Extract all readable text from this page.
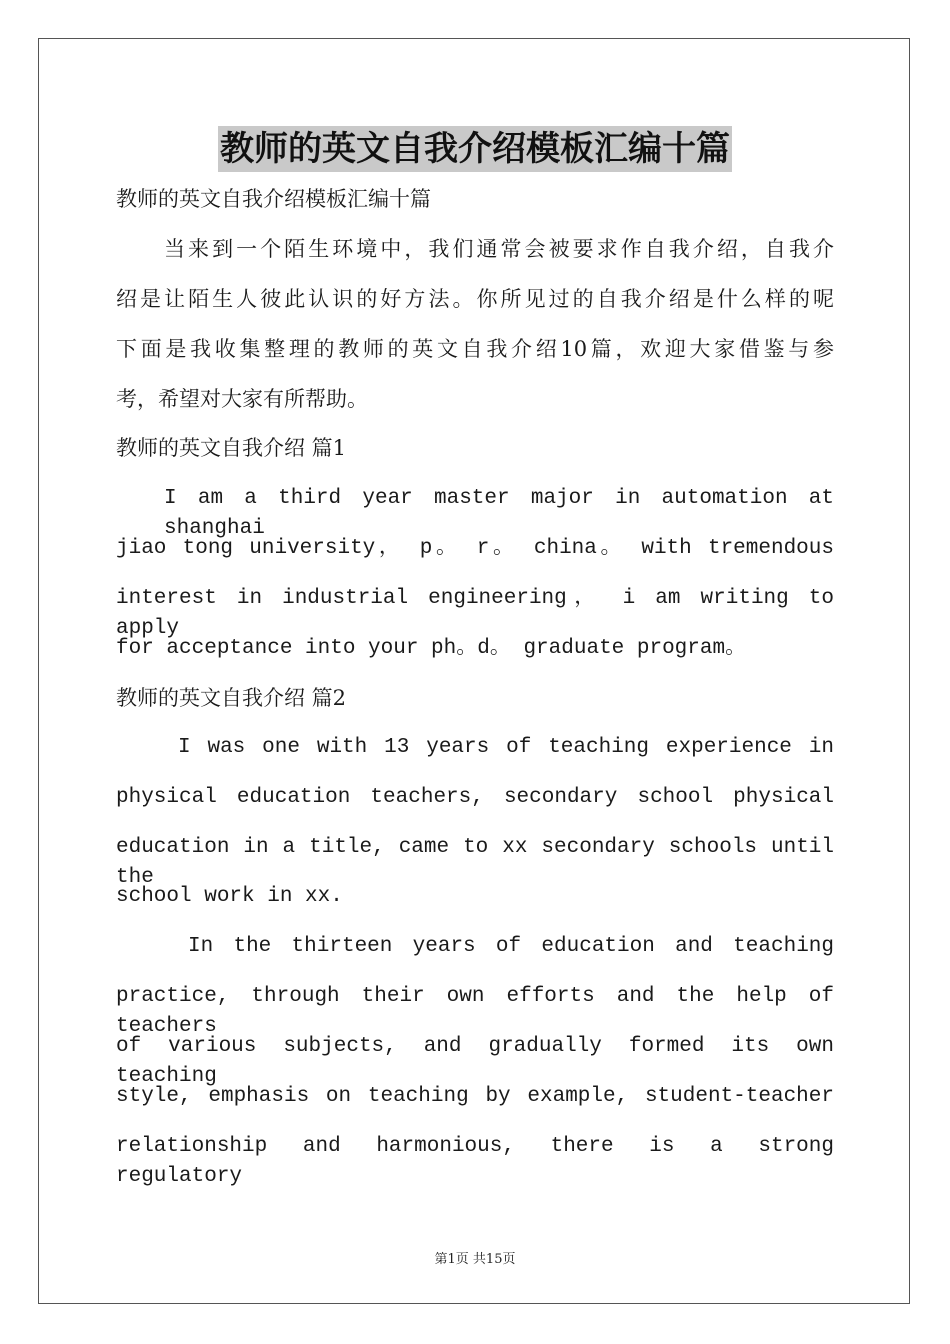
教师的英文自我介绍模板汇编十篇

教师的英文自我介绍模板汇编十篇

当来到一个陌生环境中，我们通常会被要求作自我介绍，自我介

绍是让陌生人彼此认识的好方法。你所见过的自我介绍是什么样的呢

下面是我收集整理的教师的英文自我介绍10篇，欢迎大家借鉴与参

考，希望对大家有所帮助。

教师的英文自我介绍 篇1

I am a third year master major in automation at shanghai

jiao tong university， p。 r。 china。 with tremendous

interest in industrial engineering， i am writing to apply

for acceptance into your ph。d。 graduate program。

教师的英文自我介绍 篇2

I was one with 13 years of teaching experience in

physical education teachers, secondary school physical

education in a title, came to xx secondary schools until the

school work in xx.

In the thirteen years of education and teaching

practice, through their own efforts and the help of teachers

of various subjects, and gradually formed its own teaching

style, emphasis on teaching by example, student-teacher

relationship and harmonious, there is a strong regulatory

第1页 共15页
